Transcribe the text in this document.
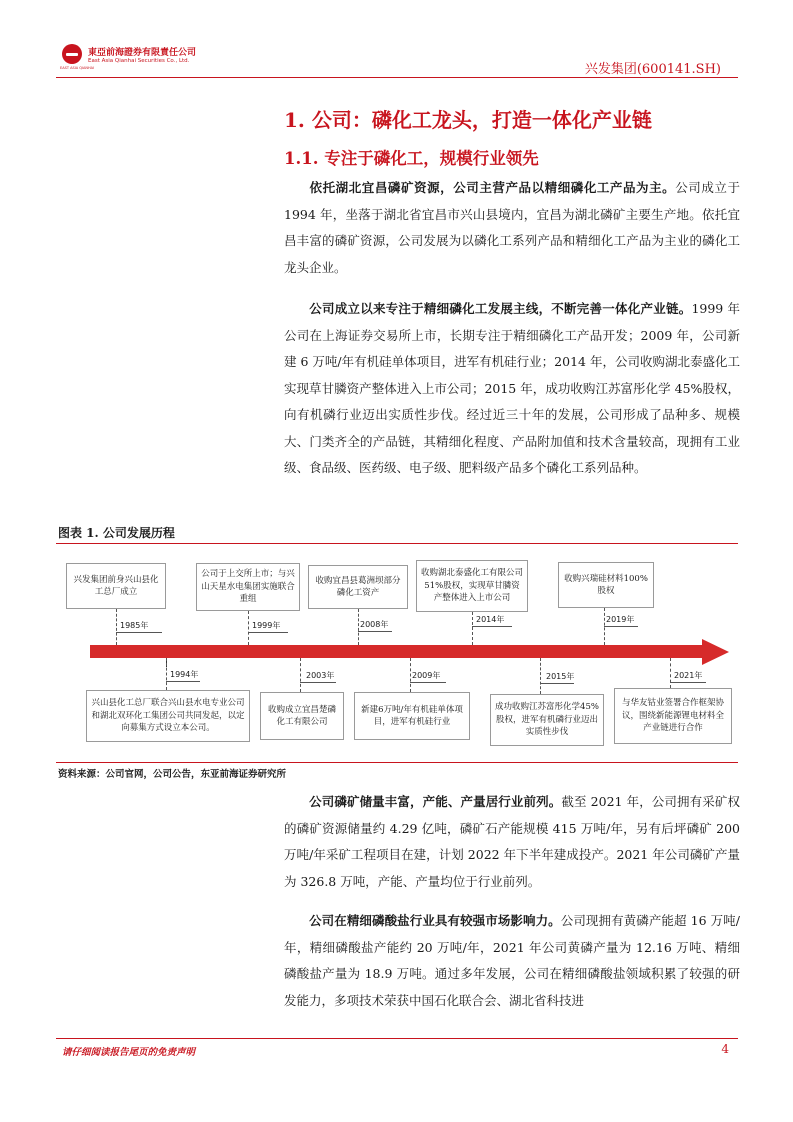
東亞前海證券有限責任公司
East Asia Qianhai Securities Co., Ltd.
EAST ASIA QIANHAI	兴发集团(600141.SH)
1. 公司：磷化工龙头，打造一体化产业链
1.1. 专注于磷化工，规模行业领先

依托湖北宜昌磷矿资源，公司主营产品以精细磷化工产品为主。公司成立于 1994 年，坐落于湖北省宜昌市兴山县境内，宜昌为湖北磷矿主要生产地。依托宜昌丰富的磷矿资源，公司发展为以磷化工系列产品和精细化工产品为主业的磷化工龙头企业。

公司成立以来专注于精细磷化工发展主线，不断完善一体化产业链。1999 年公司在上海证券交易所上市，长期专注于精细磷化工产品开发；2009 年，公司新建 6 万吨/年有机硅单体项目，进军有机硅行业；2014 年，公司收购湖北泰盛化工实现草甘膦资产整体进入上市公司；2015 年，成功收购江苏富彤化学 45%股权，向有机磷行业迈出实质性步伐。经过近三十年的发展，公司形成了品种多、规模大、门类齐全的产品链，其精细化程度、产品附加值和技术含量较高，现拥有工业级、食品级、医药级、电子级、肥料级产品多个磷化工系列品种。

图表 1. 公司发展历程
兴发集团前身兴山县化工总厂成立
1985年
公司于上交所上市；与兴山天星水电集团实施联合重组
1999年
收购宜昌县葛洲坝部分磷化工资产
2008年
收购湖北泰盛化工有限公司51%股权，实现草甘膦资产整体进入上市公司
2014年
收购兴瑞硅材料100%股权
2019年
1994年
兴山县化工总厂联合兴山县水电专业公司和湖北双环化工集团公司共同发起，以定向募集方式设立本公司。
2003年
收购成立宜昌楚磷化工有限公司
2009年
新建6万吨/年有机硅单体项目，进军有机硅行业
2015年
成功收购江苏富彤化学45%股权，进军有机磷行业迈出实质性步伐
2021年
与华友钴业签署合作框架协议，围绕新能源锂电材料全产业链进行合作
资料来源：公司官网，公司公告，东亚前海证券研究所

公司磷矿储量丰富，产能、产量居行业前列。截至 2021 年，公司拥有采矿权的磷矿资源储量约 4.29 亿吨，磷矿石产能规模 415 万吨/年，另有后坪磷矿 200 万吨/年采矿工程项目在建，计划 2022 年下半年建成投产。2021 年公司磷矿产量为 326.8 万吨，产能、产量均位于行业前列。

公司在精细磷酸盐行业具有较强市场影响力。公司现拥有黄磷产能超 16 万吨/年，精细磷酸盐产能约 20 万吨/年，2021 年公司黄磷产量为 12.16 万吨、精细磷酸盐产量为 18.9 万吨。通过多年发展，公司在精细磷酸盐领域积累了较强的研发能力，多项技术荣获中国石化联合会、湖北省科技进

请仔细阅读报告尾页的免责声明	4
